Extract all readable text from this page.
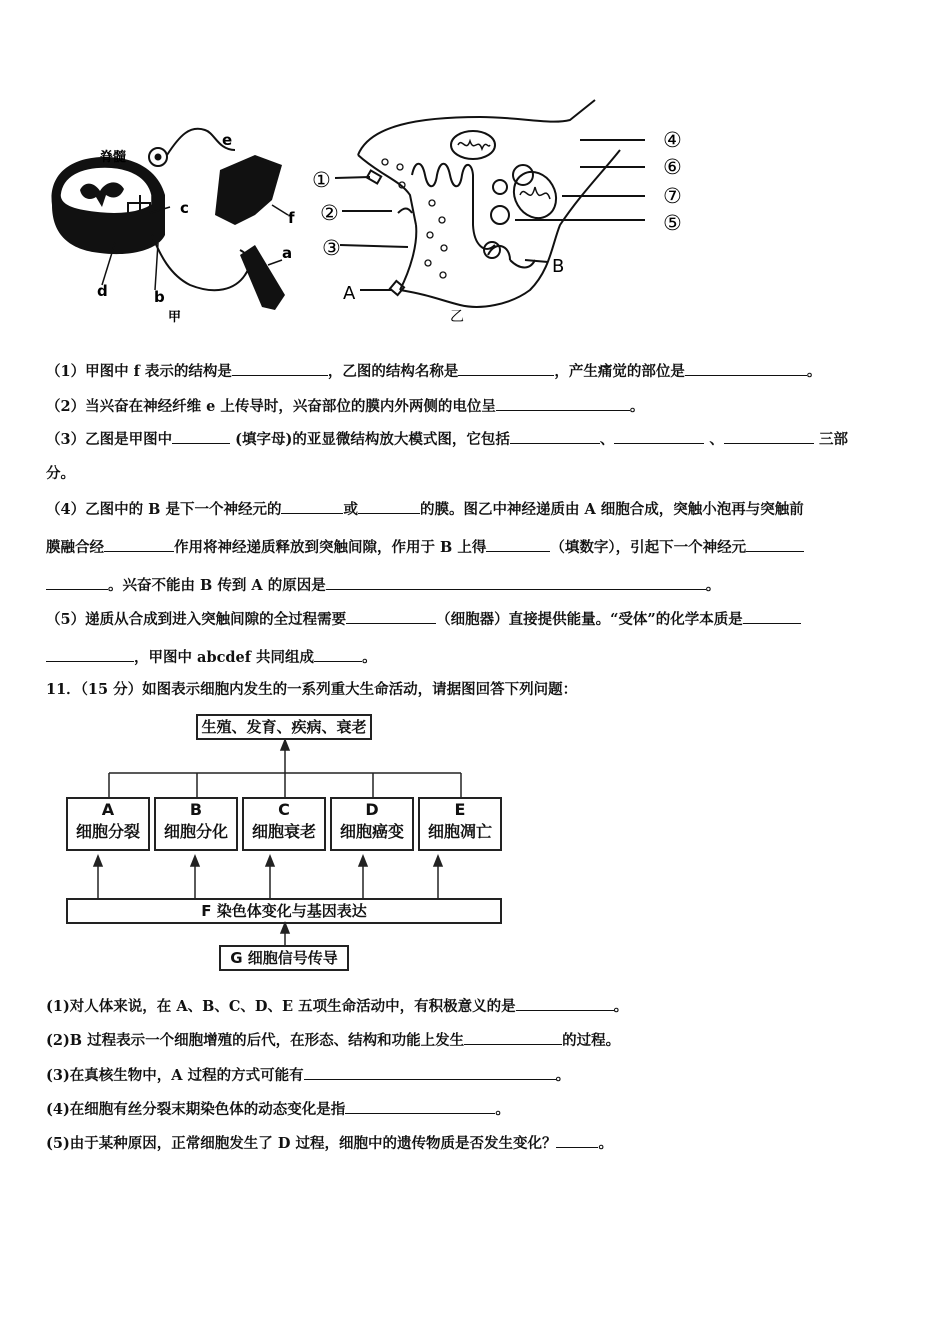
脊髓
e
c
f
a
d	b
甲
①
②
③
④
⑥
⑦
⑤
A
B
乙
（1）甲图中 f 表示的结构是	，乙图的结构名称是	，产生痛觉的部位是	。
（2）当兴奋在神经纤维 e 上传导时，兴奋部位的膜内外两侧的电位呈	。
（3）乙图是甲图中	(填字母)的亚显微结构放大模式图，它包括	、	、	三部
分。
（4）乙图中的 B 是下一个神经元的	或	的膜。图乙中神经递质由 A 细胞合成，突触小泡再与突触前
膜融合经	作用将神经递质释放到突触间隙，作用于 B 上得	（填数字），引起下一个神经元
。兴奋不能由 B 传到 A 的原因是	。
（5）递质从合成到进入突触间隙的全过程需要	（细胞器）直接提供能量。“受体”的化学本质是
，甲图中 abcdef 共同组成	。
11．（15 分）如图表示细胞内发生的一系列重大生命活动，请据图回答下列问题：
生殖、发育、疾病、衰老
A
细胞分裂
B
细胞分化
C
细胞衰老
D
细胞癌变
E
细胞凋亡
F 染色体变化与基因表达
G 细胞信号传导
(1)对人体来说，在 A、B、C、D、E 五项生命活动中，有积极意义的是	。
(2)B 过程表示一个细胞增殖的后代，在形态、结构和功能上发生	的过程。
(3)在真核生物中，A 过程的方式可能有	。
(4)在细胞有丝分裂末期染色体的动态变化是指	。
(5)由于某种原因，正常细胞发生了 D 过程，细胞中的遗传物质是否发生变化？	。
